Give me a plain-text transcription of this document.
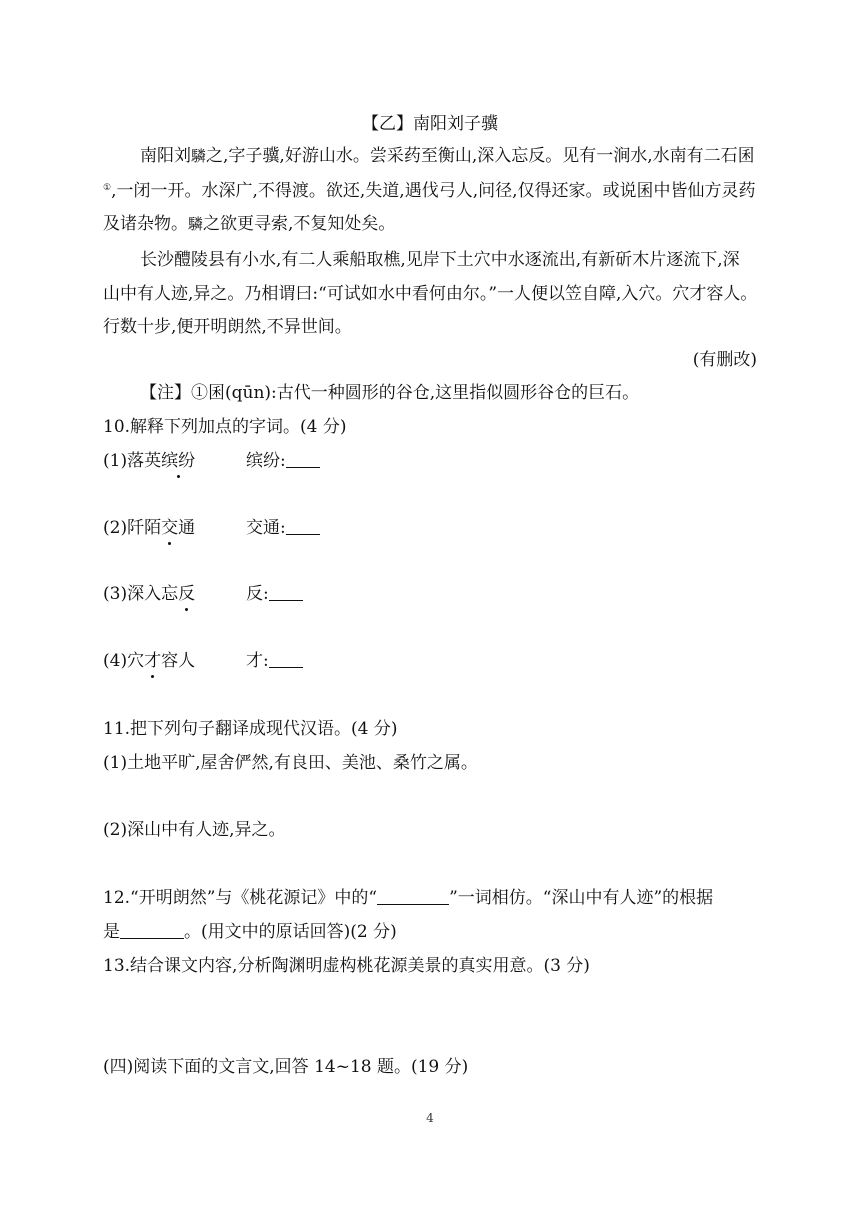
【乙】南阳刘子骥
南阳刘驎之,字子骥,好游山水。尝采药至衡山,深入忘反。见有一涧水,水南有二石囷
①,一闭一开。水深广,不得渡。欲还,失道,遇伐弓人,问径,仅得还家。或说囷中皆仙方灵药
及诸杂物。驎之欲更寻索,不复知处矣。
长沙醴陵县有小水,有二人乘船取樵,见岸下土穴中水逐流出,有新斫木片逐流下,深
山中有人迹,异之。乃相谓曰:“可试如水中看何由尔。”一人便以笠自障,入穴。穴才容人。
行数十步,便开明朗然,不异世间。
(有删改)
【注】①囷(qūn):古代一种圆形的谷仓,这里指似圆形谷仓的巨石。
10.解释下列加点的字词。(4 分)
(1)落英缤纷	缤纷:
(2)阡陌交通	交通:
(3)深入忘反	反:
(4)穴才容人	才:
11.把下列句子翻译成现代汉语。(4 分)
(1)土地平旷,屋舍俨然,有良田、美池、桑竹之属。
(2)深山中有人迹,异之。
12.“开明朗然”与《桃花源记》中的“	”一词相仿。“深山中有人迹”的根据
是	。(用文中的原话回答)(2 分)
13.结合课文内容,分析陶渊明虚构桃花源美景的真实用意。(3 分)
(四)阅读下面的文言文,回答 14~18 题。(19 分)
4
